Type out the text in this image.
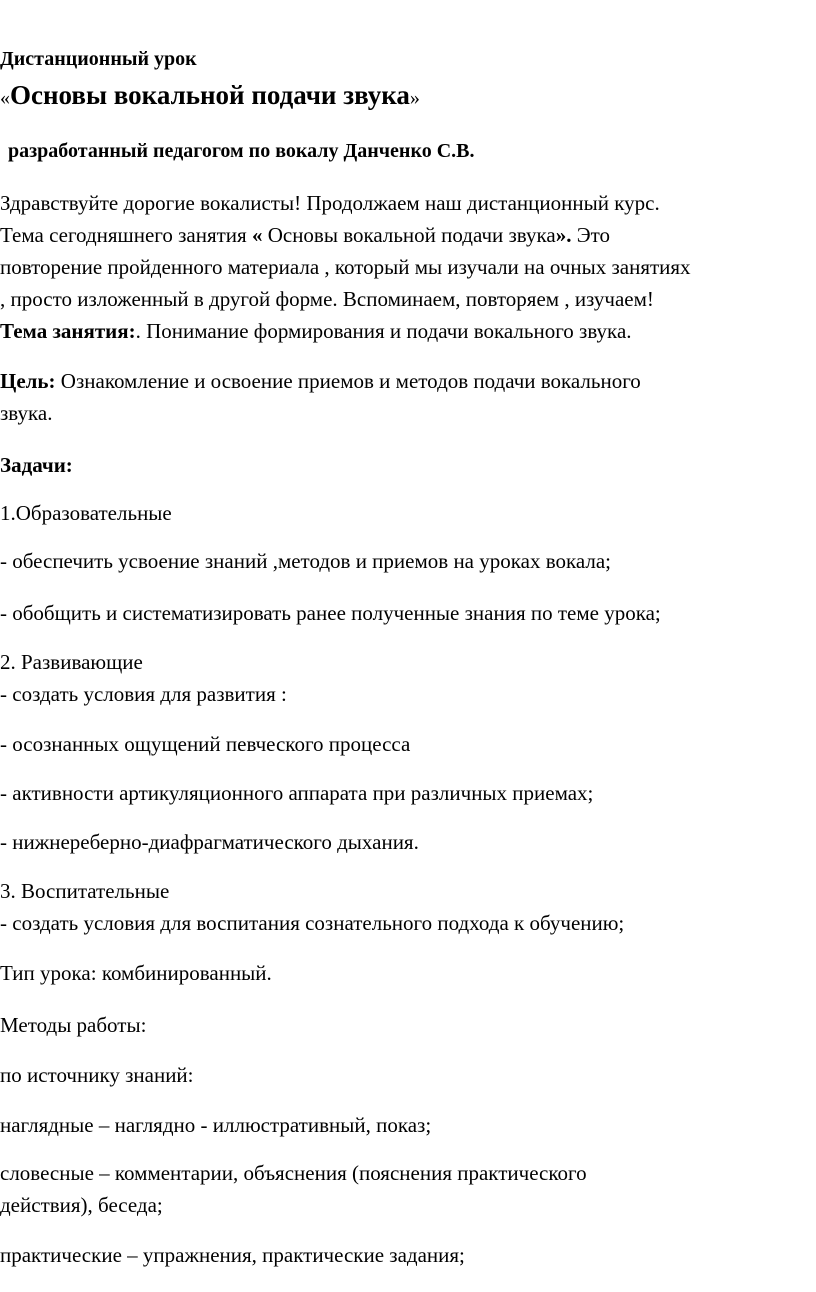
Дистанционный урок
«Основы вокальной подачи звука»
разработанный педагогом по вокалу Данченко С.В.
Здравствуйте дорогие вокалисты! Продолжаем наш дистанционный курс.
Тема сегодняшнего занятия « Основы вокальной подачи звука». Это
повторение пройденного материала , который мы изучали на очных занятиях
, просто изложенный в другой форме. Вспоминаем, повторяем , изучаем!
Тема занятия:. Понимание формирования и подачи вокального звука.
Цель: Ознакомление и освоение приемов и методов подачи вокального
звука.
Задачи:
1.Образовательные
- обеспечить усвоение знаний ,методов и приемов на уроках вокала;
- обобщить и систематизировать ранее полученные знания по теме урока;
2. Развивающие
- создать условия для развития :
- осознанных ощущений певческого процесса
- активности артикуляционного аппарата при различных приемах;
- нижнереберно-диафрагматического дыхания.
3. Воспитательные
- создать условия для воспитания сознательного подхода к обучению;
Тип урока: комбинированный.
Методы работы:
по источнику знаний:
наглядные – наглядно - иллюстративный, показ;
словесные – комментарии, объяснения (пояснения практического
действия), беседа;
практические – упражнения, практические задания;
